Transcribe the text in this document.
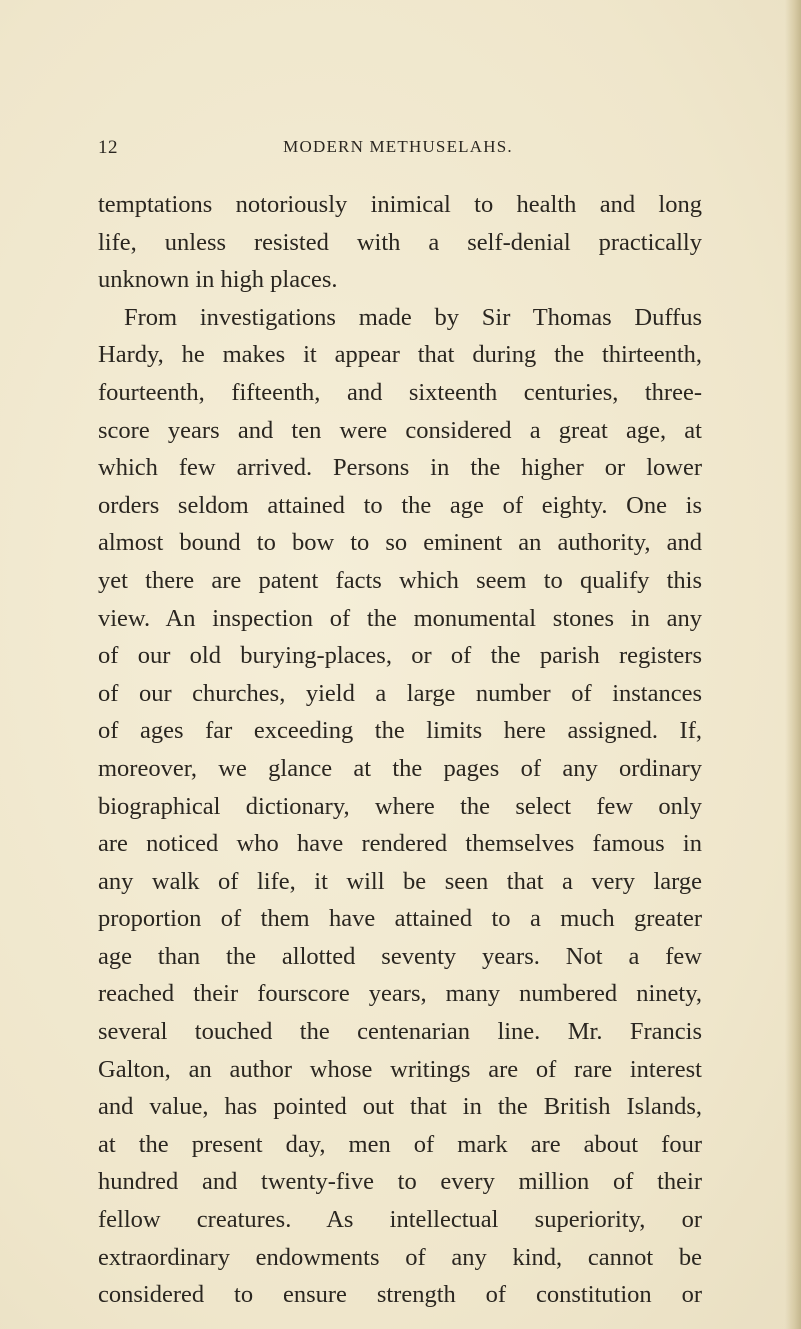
MODERN METHUSELAHS.
12
temptations notoriously inimical to health and long
life, unless resisted with a self-denial practically
unknown in high places.
From investigations made by Sir Thomas Duffus
Hardy, he makes it appear that during the thirteenth,
fourteenth, fifteenth, and sixteenth centuries, three-
score years and ten were considered a great age, at
which few arrived. Persons in the higher or lower
orders seldom attained to the age of eighty. One is
almost bound to bow to so eminent an authority, and
yet there are patent facts which seem to qualify this
view. An inspection of the monumental stones in any
of our old burying-places, or of the parish registers
of our churches, yield a large number of instances
of ages far exceeding the limits here assigned. If,
moreover, we glance at the pages of any ordinary
biographical dictionary, where the select few only
are noticed who have rendered themselves famous in
any walk of life, it will be seen that a very large
proportion of them have attained to a much greater
age than the allotted seventy years. Not a few
reached their fourscore years, many numbered ninety,
several touched the centenarian line. Mr. Francis
Galton, an author whose writings are of rare interest
and value, has pointed out that in the British Islands,
at the present day, men of mark are about four
hundred and twenty-five to every million of their
fellow creatures. As intellectual superiority, or
extraordinary endowments of any kind, cannot be
considered to ensure strength of constitution or
